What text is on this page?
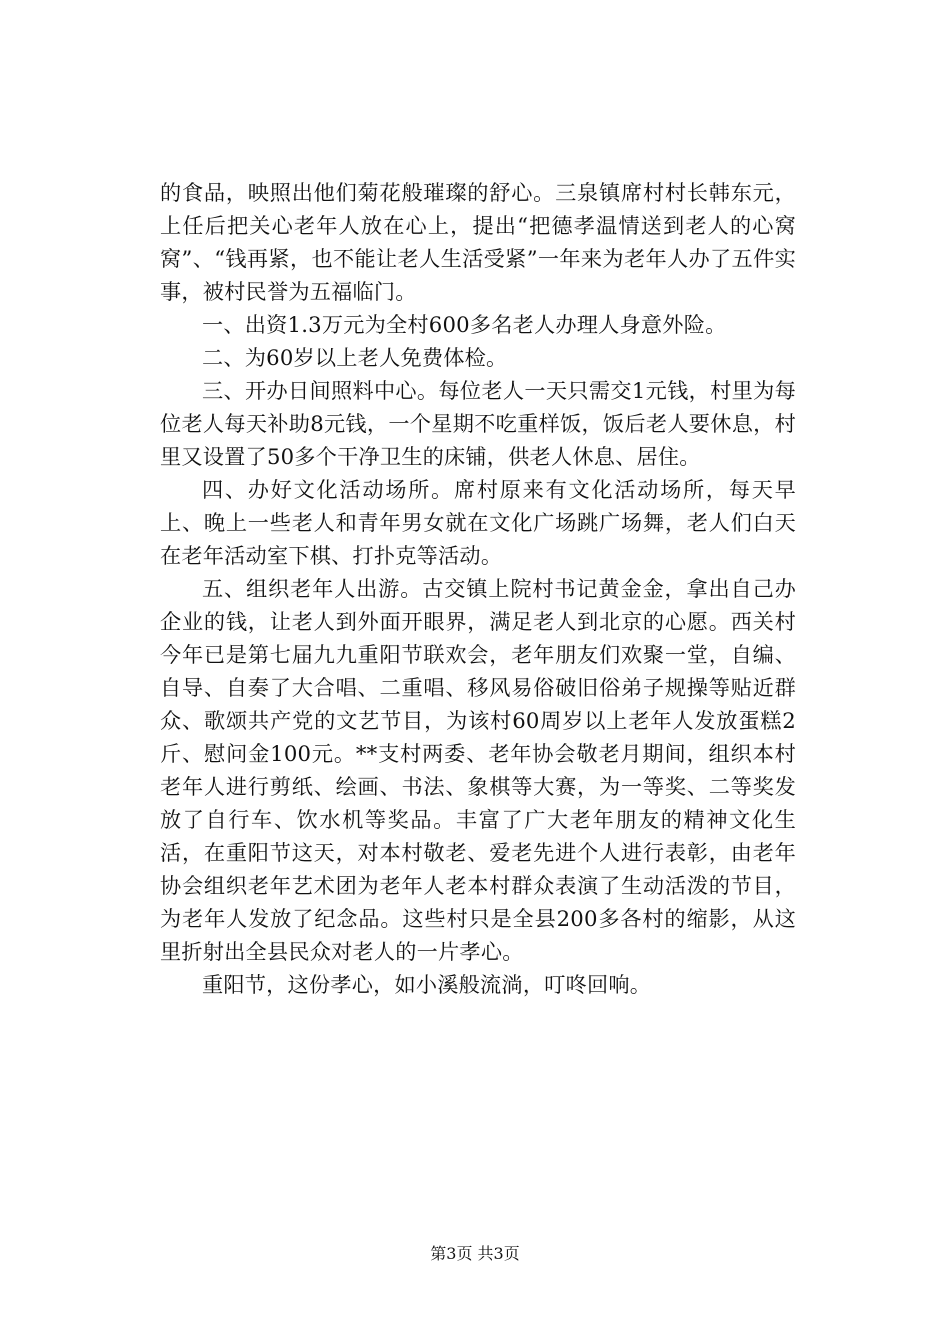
的食品，映照出他们菊花般璀璨的舒心。三泉镇席村村长韩东元，上任后把关心老年人放在心上，提出“把德孝温情送到老人的心窝窝”、“钱再紧，也不能让老人生活受紧”一年来为老年人办了五件实事，被村民誉为五福临门。

一、出资1.3万元为全村600多名老人办理人身意外险。

二、为60岁以上老人免费体检。

三、开办日间照料中心。每位老人一天只需交1元钱，村里为每位老人每天补助8元钱，一个星期不吃重样饭，饭后老人要休息，村里又设置了50多个干净卫生的床铺，供老人休息、居住。

四、办好文化活动场所。席村原来有文化活动场所，每天早上、晚上一些老人和青年男女就在文化广场跳广场舞，老人们白天在老年活动室下棋、打扑克等活动。

五、组织老年人出游。古交镇上院村书记黄金金，拿出自己办企业的钱，让老人到外面开眼界，满足老人到北京的心愿。西关村今年已是第七届九九重阳节联欢会，老年朋友们欢聚一堂，自编、自导、自奏了大合唱、二重唱、移风易俗破旧俗弟子规操等贴近群众、歌颂共产党的文艺节目，为该村60周岁以上老年人发放蛋糕2斤、慰问金100元。**支村两委、老年协会敬老月期间，组织本村老年人进行剪纸、绘画、书法、象棋等大赛，为一等奖、二等奖发放了自行车、饮水机等奖品。丰富了广大老年朋友的精神文化生活，在重阳节这天，对本村敬老、爱老先进个人进行表彰，由老年协会组织老年艺术团为老年人老本村群众表演了生动活泼的节目，为老年人发放了纪念品。这些村只是全县200多各村的缩影，从这里折射出全县民众对老人的一片孝心。

重阳节，这份孝心，如小溪般流淌，叮咚回响。

第3页 共3页
